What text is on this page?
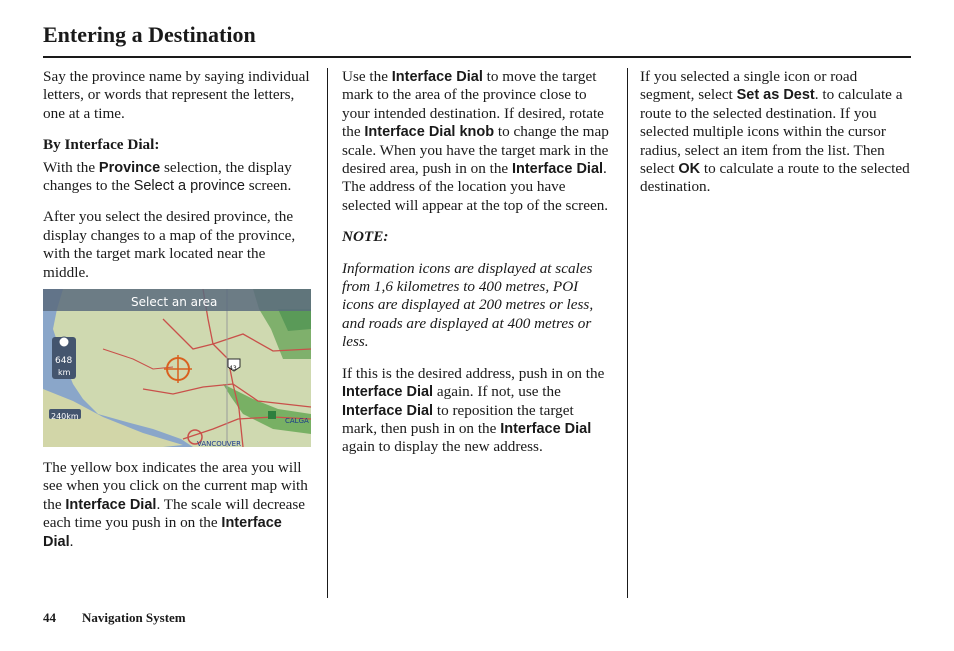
Entering a Destination

Say the province name by saying individual letters, or words that represent the letters, one at a time.

By Interface Dial:

With the Province selection, the display changes to the Select a province screen.

After you select the desired province, the display changes to a map of the province, with the target mark located near the middle.

Select an area
648
km
240km
43
VANCOUVER
CALGA

The yellow box indicates the area you will see when you click on the current map with the Interface Dial. The scale will decrease each time you push in on the Interface Dial.

Use the Interface Dial to move the target mark to the area of the province close to your intended destination. If desired, rotate the Interface Dial knob to change the map scale. When you have the target mark in the desired area, push in on the Interface Dial. The address of the location you have selected will appear at the top of the screen.

NOTE:

Information icons are displayed at scales from 1,6 kilometres to 400 metres, POI icons are displayed at 200 metres or less, and roads are displayed at 400 metres or less.

If this is the desired address, push in on the Interface Dial again. If not, use the Interface Dial to reposition the target mark, then push in on the Interface Dial again to display the new address.

If you selected a single icon or road segment, select Set as Dest. to calculate a route to the selected destination. If you selected multiple icons within the cursor radius, select an item from the list. Then select OK to calculate a route to the selected destination.

44 Navigation System
